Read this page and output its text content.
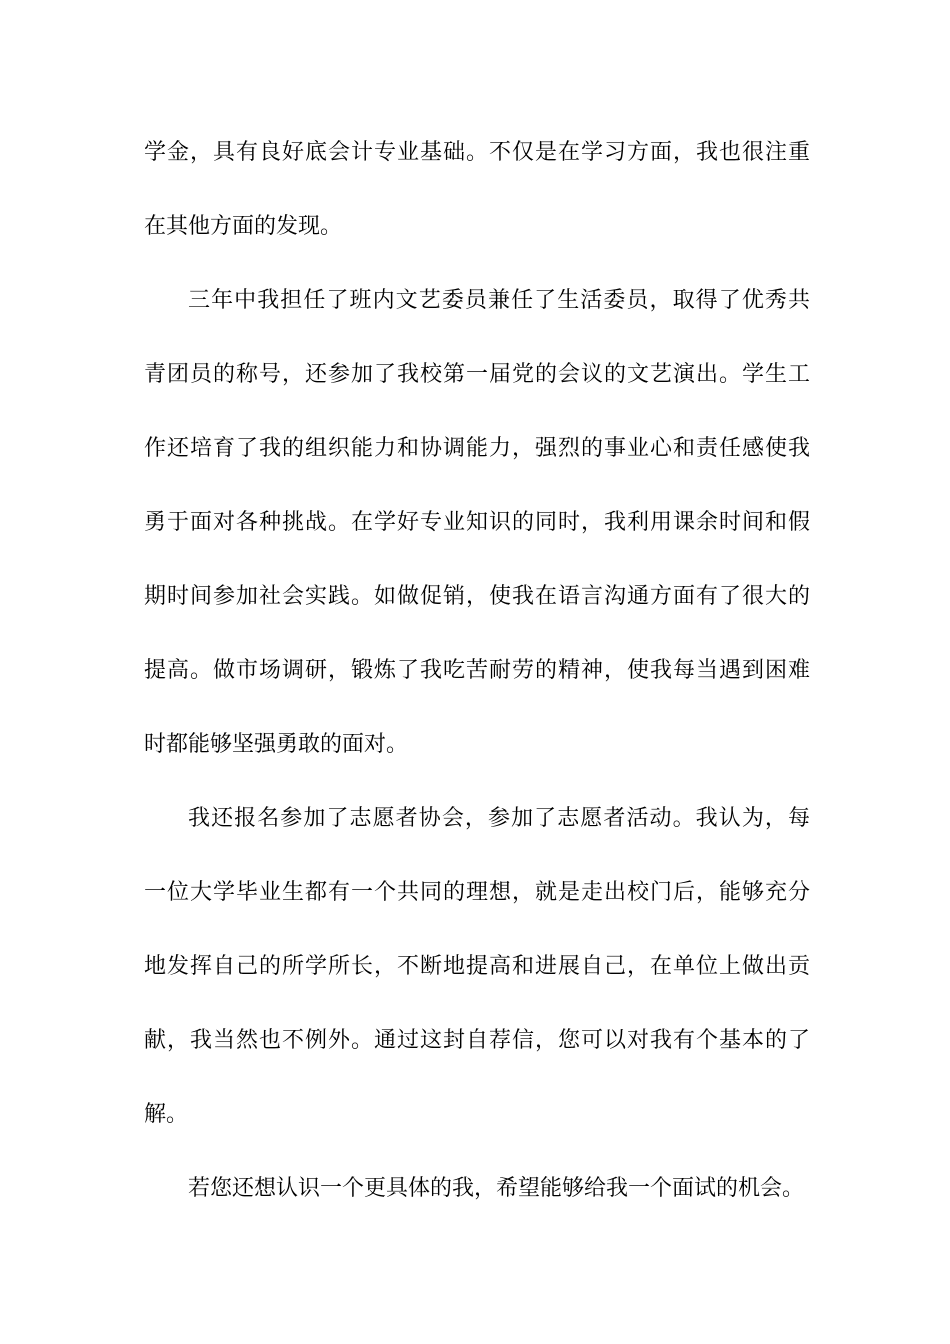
学金，具有良好底会计专业基础。不仅是在学习方面，我也很注重
在其他方面的发现。
三年中我担任了班内文艺委员兼任了生活委员，取得了优秀共
青团员的称号，还参加了我校第一届党的会议的文艺演出。学生工
作还培育了我的组织能力和协调能力，强烈的事业心和责任感使我
勇于面对各种挑战。在学好专业知识的同时，我利用课余时间和假
期时间参加社会实践。如做促销，使我在语言沟通方面有了很大的
提高。做市场调研，锻炼了我吃苦耐劳的精神，使我每当遇到困难
时都能够坚强勇敢的面对。
我还报名参加了志愿者协会，参加了志愿者活动。我认为，每
一位大学毕业生都有一个共同的理想，就是走出校门后，能够充分
地发挥自己的所学所长，不断地提高和进展自己，在单位上做出贡
献，我当然也不例外。通过这封自荐信，您可以对我有个基本的了
解。
若您还想认识一个更具体的我，希望能够给我一个面试的机会。
